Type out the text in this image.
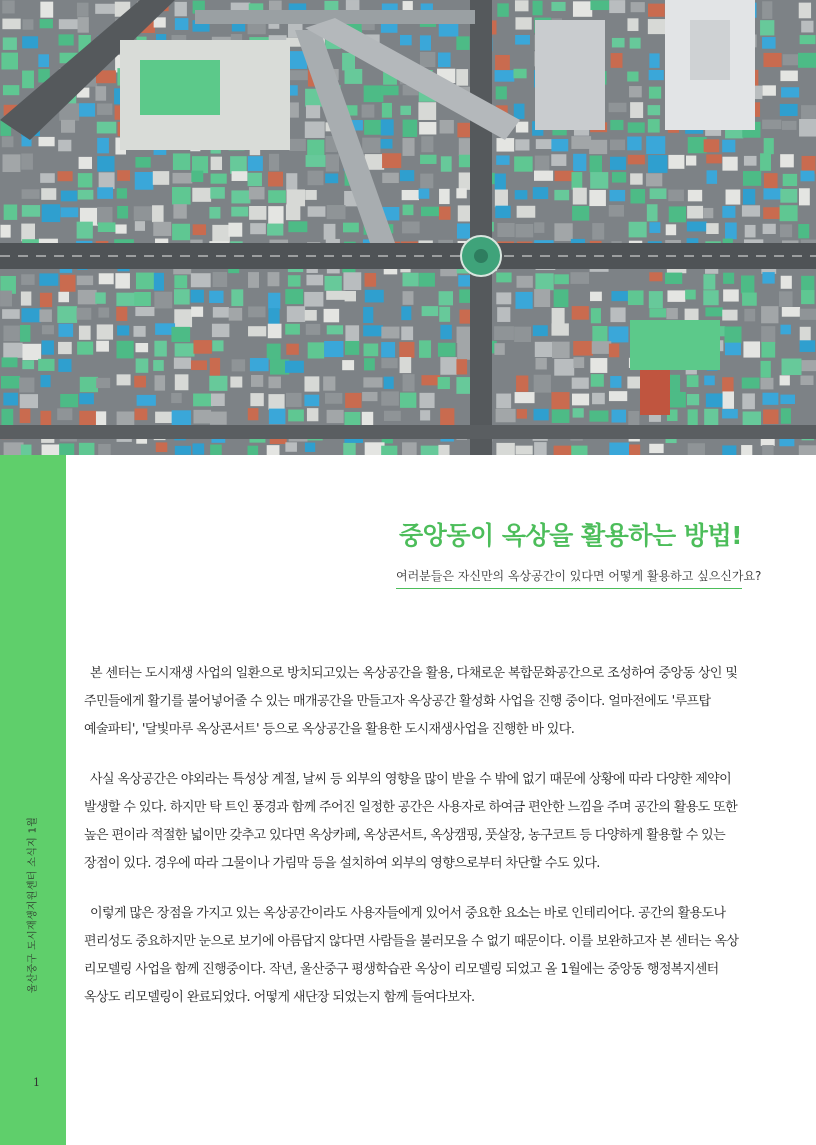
울산중구 도시재생지원센터 소식지 1월
1
중앙동이 옥상을 활용하는 방법!
여러분들은 자신만의 옥상공간이 있다면 어떻게 활용하고 싶으신가요?

본 센터는 도시재생 사업의 일환으로 방치되고있는 옥상공간을 활용, 다채로운 복합문화공간으로 조성하여 중앙동 상인 및 주민들에게 활기를 불어넣어줄 수 있는 매개공간을 만들고자 옥상공간 활성화 사업을 진행 중이다. 얼마전에도 '루프탑 예술파티', '달빛마루 옥상콘서트' 등으로 옥상공간을 활용한 도시재생사업을 진행한 바 있다.

사실 옥상공간은 야외라는 특성상 계절, 날씨 등 외부의 영향을 많이 받을 수 밖에 없기 때문에 상황에 따라 다양한 제약이 발생할 수 있다. 하지만 탁 트인 풍경과 함께 주어진 일정한 공간은 사용자로 하여금 편안한 느낌을 주며 공간의 활용도 또한 높은 편이라 적절한 넓이만 갖추고 있다면 옥상카페, 옥상콘서트, 옥상캠핑, 풋살장, 농구코트 등 다양하게 활용할 수 있는 장점이 있다. 경우에 따라 그물이나 가림막 등을 설치하여 외부의 영향으로부터 차단할 수도 있다.

이렇게 많은 장점을 가지고 있는 옥상공간이라도 사용자들에게 있어서 중요한 요소는 바로 인테리어다. 공간의 활용도나 편리성도 중요하지만 눈으로 보기에 아름답지 않다면 사람들을 불러모을 수 없기 때문이다. 이를 보완하고자 본 센터는 옥상 리모델링 사업을 함께 진행중이다. 작년, 울산중구 평생학습관 옥상이 리모델링 되었고 올 1월에는 중앙동 행정복지센터 옥상도 리모델링이 완료되었다. 어떻게 새단장 되었는지 함께 들여다보자.
